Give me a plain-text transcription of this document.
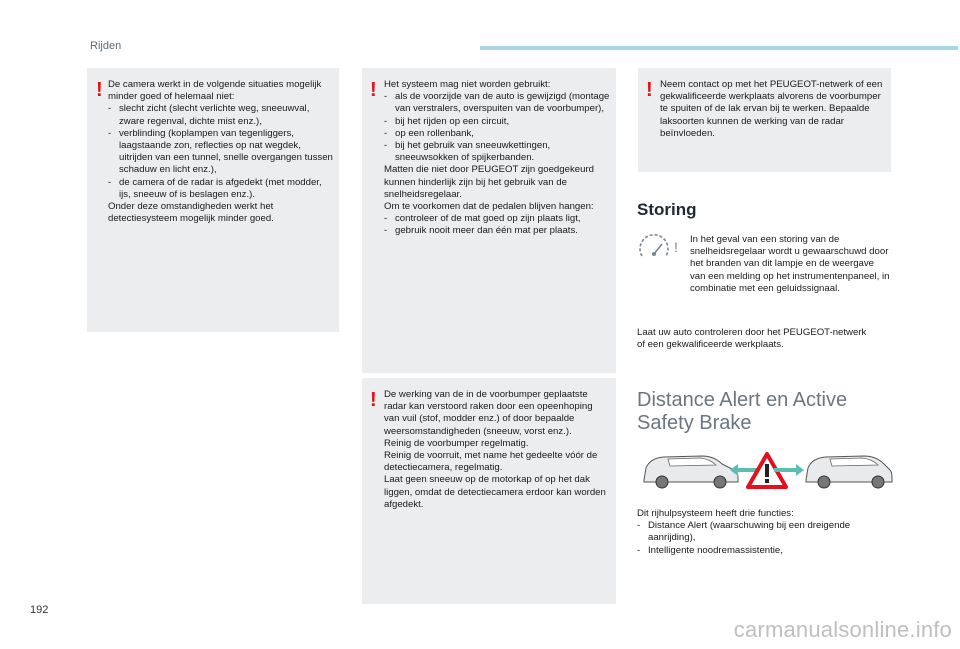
Rijden
! De camera werkt in de volgende situaties mogelijk minder goed of helemaal niet:

- slecht zicht (slecht verlichte weg, sneeuwval, zware regenval, dichte mist enz.),
- verblinding (koplampen van tegenliggers, laagstaande zon, reflecties op nat wegdek, uitrijden van een tunnel, snelle overgangen tussen schaduw en licht enz.),
- de camera of de radar is afgedekt (met modder, ijs, sneeuw of is beslagen enz.).

Onder deze omstandigheden werkt het detectiesysteem mogelijk minder goed.

! Het systeem mag niet worden gebruikt:

- als de voorzijde van de auto is gewijzigd (montage van verstralers, overspuiten van de voorbumper),
- bij het rijden op een circuit,
- op een rollenbank,
- bij het gebruik van sneeuwkettingen, sneeuwsokken of spijkerbanden.

Matten die niet door PEUGEOT zijn goedgekeurd kunnen hinderlijk zijn bij het gebruik van de snelheidsregelaar.

Om te voorkomen dat de pedalen blijven hangen:

- controleer of de mat goed op zijn plaats ligt,
- gebruik nooit meer dan één mat per plaats.
! De werking van de in de voorbumper geplaatste radar kan verstoord raken door een opeenhoping van vuil (stof, modder enz.) of door bepaalde weersomstandigheden (sneeuw, vorst enz.).

Reinig de voorbumper regelmatig.

Reinig de voorruit, met name het gedeelte vóór de detectiecamera, regelmatig.

Laat geen sneeuw op de motorkap of op het dak liggen, omdat de detectiecamera erdoor kan worden afgedekt.

! Neem contact op met het PEUGEOT-netwerk of een gekwalificeerde werkplaats alvorens de voorbumper te spuiten of de lak ervan bij te werken. Bepaalde laksoorten kunnen de werking van de radar beïnvloeden.

Storing
! In het geval van een storing van de snelheidsregelaar wordt u gewaarschuwd door het branden van dit lampje en de weergave van een melding op het instrumentenpaneel, in combinatie met een geluidssignaal.
Laat uw auto controleren door het PEUGEOT-netwerk of een gekwalificeerde werkplaats.
Distance Alert en Active
Safety Brake

Dit rijhulpsysteem heeft drie functies:

- Distance Alert (waarschuwing bij een dreigende aanrijding),
- Intelligente noodremassistentie,
192
carmanualsonline.info
